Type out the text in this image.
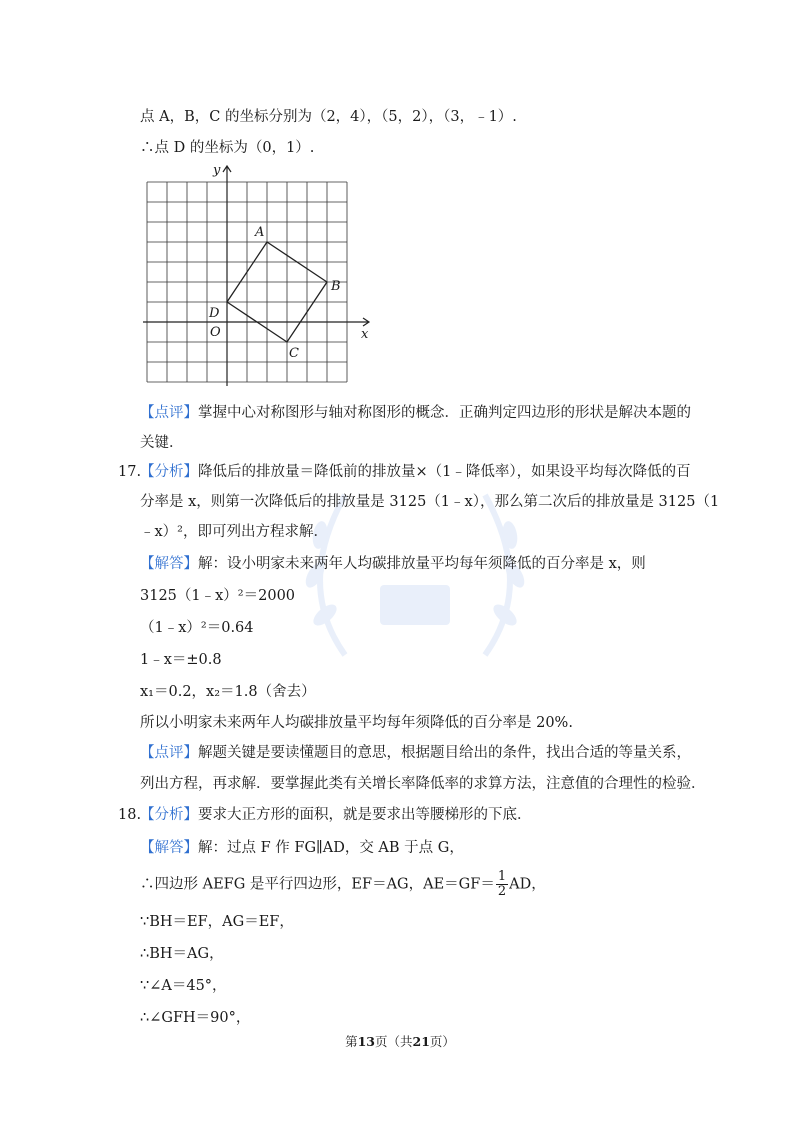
点 A，B，C 的坐标分别为（2，4），（5，2），（3，﹣1）.
∴点 D 的坐标为（0，1）.
A
B
C
D
O	x
y
【点评】掌握中心对称图形与轴对称图形的概念．正确判定四边形的形状是解决本题的
关键．
17.
【分析】降低后的排放量＝降低前的排放量×（1﹣降低率），如果设平均每次降低的百
分率是 x，则第一次降低后的排放量是 3125（1﹣x），那么第二次后的排放量是 3125（1
﹣x）²，即可列出方程求解．
【解答】解：设小明家未来两年人均碳排放量平均每年须降低的百分率是 x，则
3125（1﹣x）²＝2000
（1﹣x）²＝0.64
1﹣x＝±0.8
x₁＝0.2，x₂＝1.8（舍去）
所以小明家未来两年人均碳排放量平均每年须降低的百分率是 20%.
【点评】解题关键是要读懂题目的意思，根据题目给出的条件，找出合适的等量关系，
列出方程，再求解．要掌握此类有关增长率降低率的求算方法，注意值的合理性的检验．
18.
【分析】要求大正方形的面积，就是要求出等腰梯形的下底．
【解答】解：过点 F 作 FG∥AD，交 AB 于点 G，
∴四边形 AEFG 是平行四边形，EF＝AG，$AE=GF= \frac{1}{2}$ AD，
∵BH＝EF，AG＝EF，
∴BH＝AG，
∵∠A＝45°，
∴∠GFH＝90°，
第13页（共21页）
